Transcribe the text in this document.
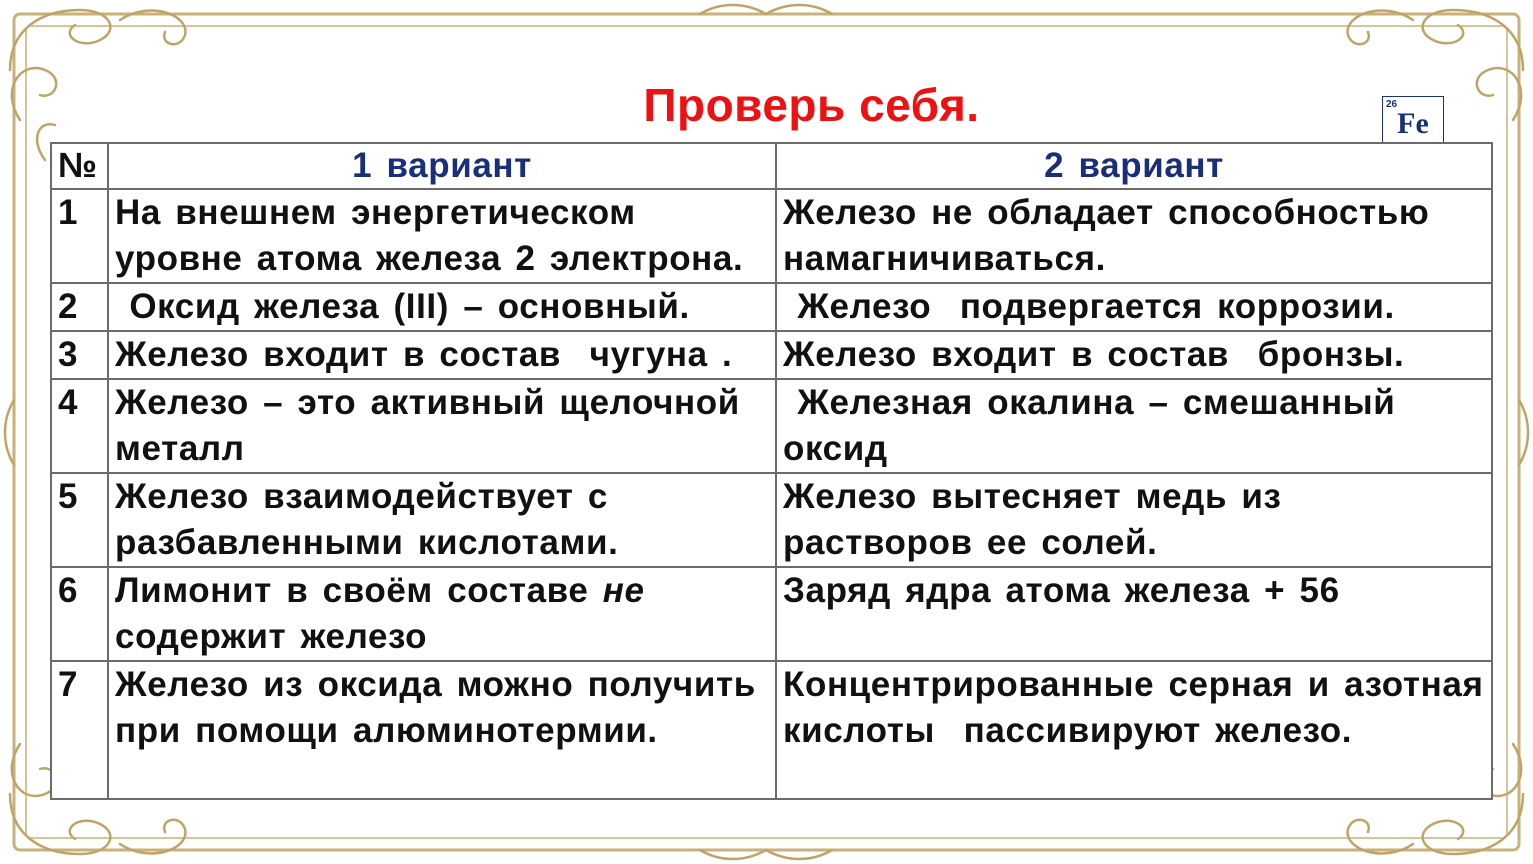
Проверь себя.	26
Fe
№	1 вариант	2 вариант
1	На внешнем энергетическом уровне атома железа 2 электрона.	Железо не обладает способностью намагничиваться.
2	Оксид железа (III) – основный.	Железо  подвергается коррозии.
3	Железо входит в состав  чугуна .	Железо входит в состав  бронзы.
4	Железо – это активный щелочной металл	Железная окалина – смешанный оксид
5	Железо взаимодействует с разбавленными кислотами.	Железо вытесняет медь из растворов ее солей.
6	Лимонит в своём составе не содержит железо	Заряд ядра атома железа + 56
7	Железо из оксида можно получить при помощи алюминотермии.	Концентрированные серная и азотная кислоты  пассивируют железо.
